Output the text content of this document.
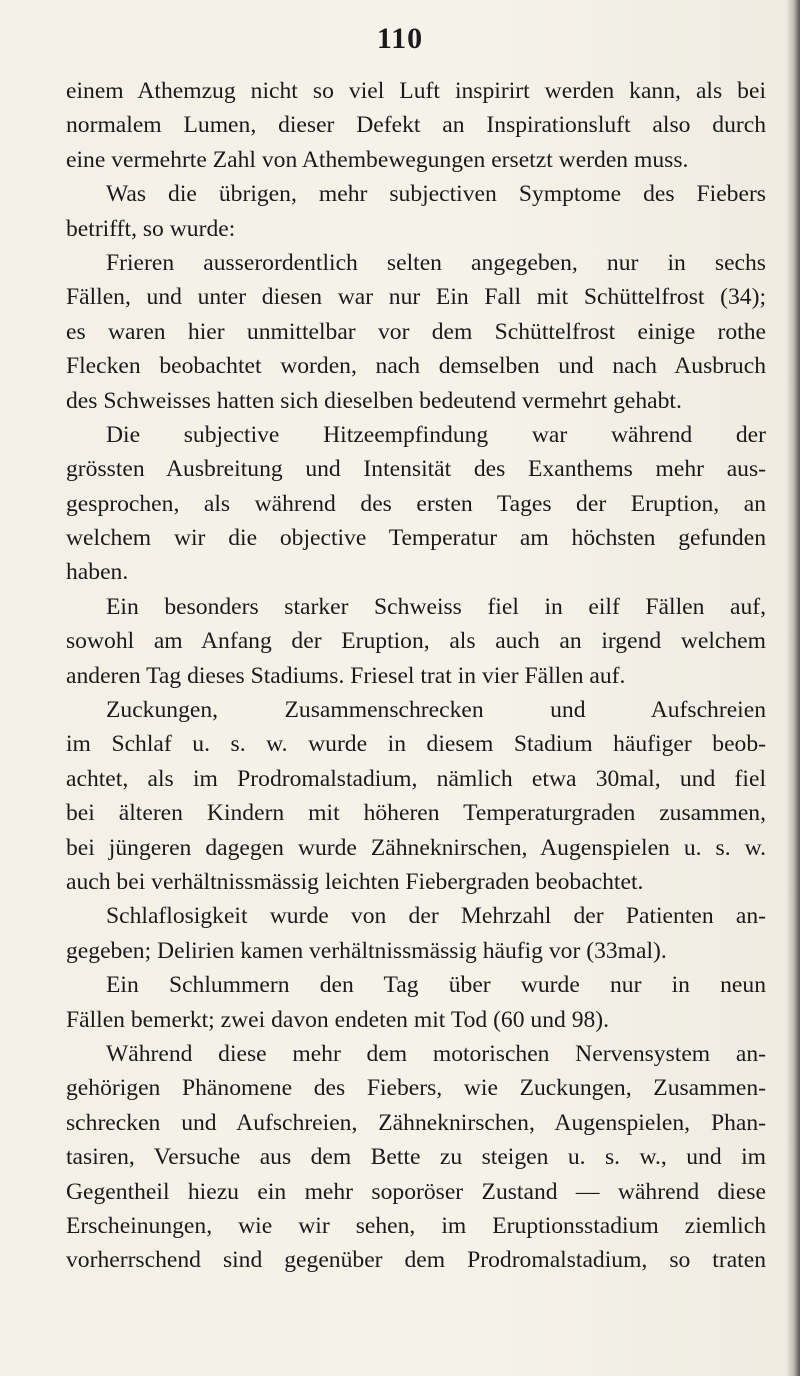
110
einem Athemzug nicht so viel Luft inspirirt werden kann, als bei
normalem Lumen, dieser Defekt an Inspirationsluft also durch
eine vermehrte Zahl von Athembewegungen ersetzt werden muss.
Was die übrigen, mehr subjectiven Symptome des Fiebers
betrifft, so wurde:
Frieren ausserordentlich selten angegeben, nur in sechs
Fällen, und unter diesen war nur Ein Fall mit Schüttelfrost (34);
es waren hier unmittelbar vor dem Schüttelfrost einige rothe
Flecken beobachtet worden, nach demselben und nach Ausbruch
des Schweisses hatten sich dieselben bedeutend vermehrt gehabt.
Die subjective Hitzeempfindung war während der
grössten Ausbreitung und Intensität des Exanthems mehr aus-
gesprochen, als während des ersten Tages der Eruption, an
welchem wir die objective Temperatur am höchsten gefunden
haben.
Ein besonders starker Schweiss fiel in eilf Fällen auf,
sowohl am Anfang der Eruption, als auch an irgend welchem
anderen Tag dieses Stadiums. Friesel trat in vier Fällen auf.
Zuckungen, Zusammenschrecken und Aufschreien
im Schlaf u. s. w. wurde in diesem Stadium häufiger beob-
achtet, als im Prodromalstadium, nämlich etwa 30mal, und fiel
bei älteren Kindern mit höheren Temperaturgraden zusammen,
bei jüngeren dagegen wurde Zähneknirschen, Augenspielen u. s. w.
auch bei verhältnissmässig leichten Fiebergraden beobachtet.
Schlaflosigkeit wurde von der Mehrzahl der Patienten an-
gegeben; Delirien kamen verhältnissmässig häufig vor (33mal).
Ein Schlummern den Tag über wurde nur in neun
Fällen bemerkt; zwei davon endeten mit Tod (60 und 98).
Während diese mehr dem motorischen Nervensystem an-
gehörigen Phänomene des Fiebers, wie Zuckungen, Zusammen-
schrecken und Aufschreien, Zähneknirschen, Augenspielen, Phan-
tasiren, Versuche aus dem Bette zu steigen u. s. w., und im
Gegentheil hiezu ein mehr soporöser Zustand — während diese
Erscheinungen, wie wir sehen, im Eruptionsstadium ziemlich
vorherrschend sind gegenüber dem Prodromalstadium, so traten
